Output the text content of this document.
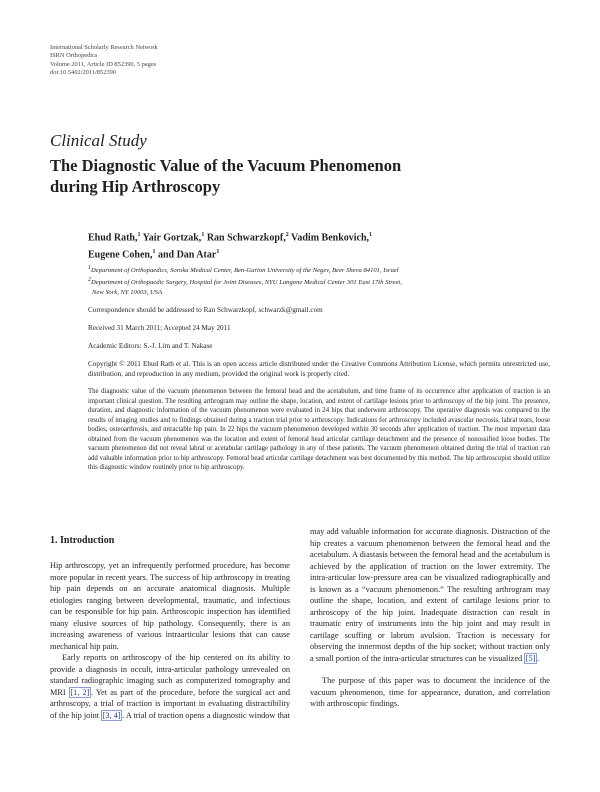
International Scholarly Research Network
ISRN Orthopedics
Volume 2011, Article ID 852390, 5 pages
doi:10.5402/2011/852390
Clinical Study
The Diagnostic Value of the Vacuum Phenomenon
during Hip Arthroscopy
Ehud Rath,$^1$ Yair Gortzak,$^1$ Ran Schwarzkopf,$^2$ Vadim Benkovich,$^1$
Eugene Cohen,$^1$ and Dan Atar$^1$
$^1$Department of Orthopaedics, Soroka Medical Center, Ben-Gurion University of the Negev, Beer Sheva 84101, Israel
$^2$Department of Orthopaedic Surgery, Hospital for Joint Diseases, NYU Langone Medical Center 301 East 17th Street,
New York, NY 10003, USA
Correspondence should be addressed to Ran Schwarzkopf, schwarzk@gmail.com
Received 31 March 2011; Accepted 24 May 2011
Academic Editors: S.-J. Lim and T. Nakase
Copyright © 2011 Ehud Rath et al. This is an open access article distributed under the Creative Commons Attribution License, which permits unrestricted use, distribution, and reproduction in any medium, provided the original work is properly cited.
The diagnostic value of the vacuum phenomenon between the femoral head and the acetabulum, and time frame of its occurrence after application of traction is an important clinical question. The resulting arthrogram may outline the shape, location, and extent of cartilage lesions prior to arthroscopy of the hip joint. The presence, duration, and diagnostic information of the vacuum phenomenon were evaluated in 24 hips that underwent arthroscopy. The operative diagnosis was compared to the results of imaging studies and to findings obtained during a traction trial prior to arthroscopy. Indications for arthroscopy included avascular necrosis, labral tears, loose bodies, osteoarthrosis, and intractable hip pain. In 22 hips the vacuum phenomenon developed within 30 seconds after application of traction. The most important data obtained from the vacuum phenomenon was the location and extent of femoral head articular cartilage detachment and the presence of nonossified loose bodies. The vacuum phenomenon did not reveal labral or acetabular cartilage pathology in any of these patients. The vacuum phenomenon obtained during the trial of traction can add valuable information prior to hip arthroscopy. Femoral head articular cartilage detachment was best documented by this method. The hip arthroscopist should utilize this diagnostic window routinely prior to hip arthroscopy.
1. Introduction

Hip arthroscopy, yet an infrequently performed procedure, has become more popular in recent years. The success of hip arthroscopy in treating hip pain depends on an accurate anatomical diagnosis. Multiple etiologies ranging between developmental, traumatic, and infectious can be responsible for hip pain. Arthroscopic inspection has identified many elusive sources of hip pathology. Consequently, there is an increasing awareness of various intraarticular lesions that can cause mechanical hip pain.

Early reports on arthroscopy of the hip centered on its ability to provide a diagnosis in occult, intra-articular pathology unrevealed on standard radiographic imaging such as computerized tomography and MRI [1, 2] . Yet as part of the procedure, before the surgical act and arthroscopy, a trial of traction is important in evaluating distractibility of the hip joint [3, 4] . A trial of traction opens a diagnostic window that

may add valuable information for accurate diagnosis. Distraction of the hip creates a vacuum phenomenon between the femoral head and the acetabulum. A diastasis between the femoral head and the acetabulum is achieved by the application of traction on the lower extremity. The intra-articular low-pressure area can be visualized radiographically and is known as a “vacuum phenomenon.” The resulting arthrogram may outline the shape, location, and extent of cartilage lesions prior to arthroscopy of the hip joint. Inadequate distraction can result in traumatic entry of instruments into the hip joint and may result in cartilage scuffing or labrum avulsion. Traction is necessary for observing the innermost depths of the hip socket; without traction only a small portion of the intra-articular structures can be visualized [5] .

The purpose of this paper was to document the incidence of the vacuum phenomenon, time for appearance, duration, and correlation with arthroscopic findings.
